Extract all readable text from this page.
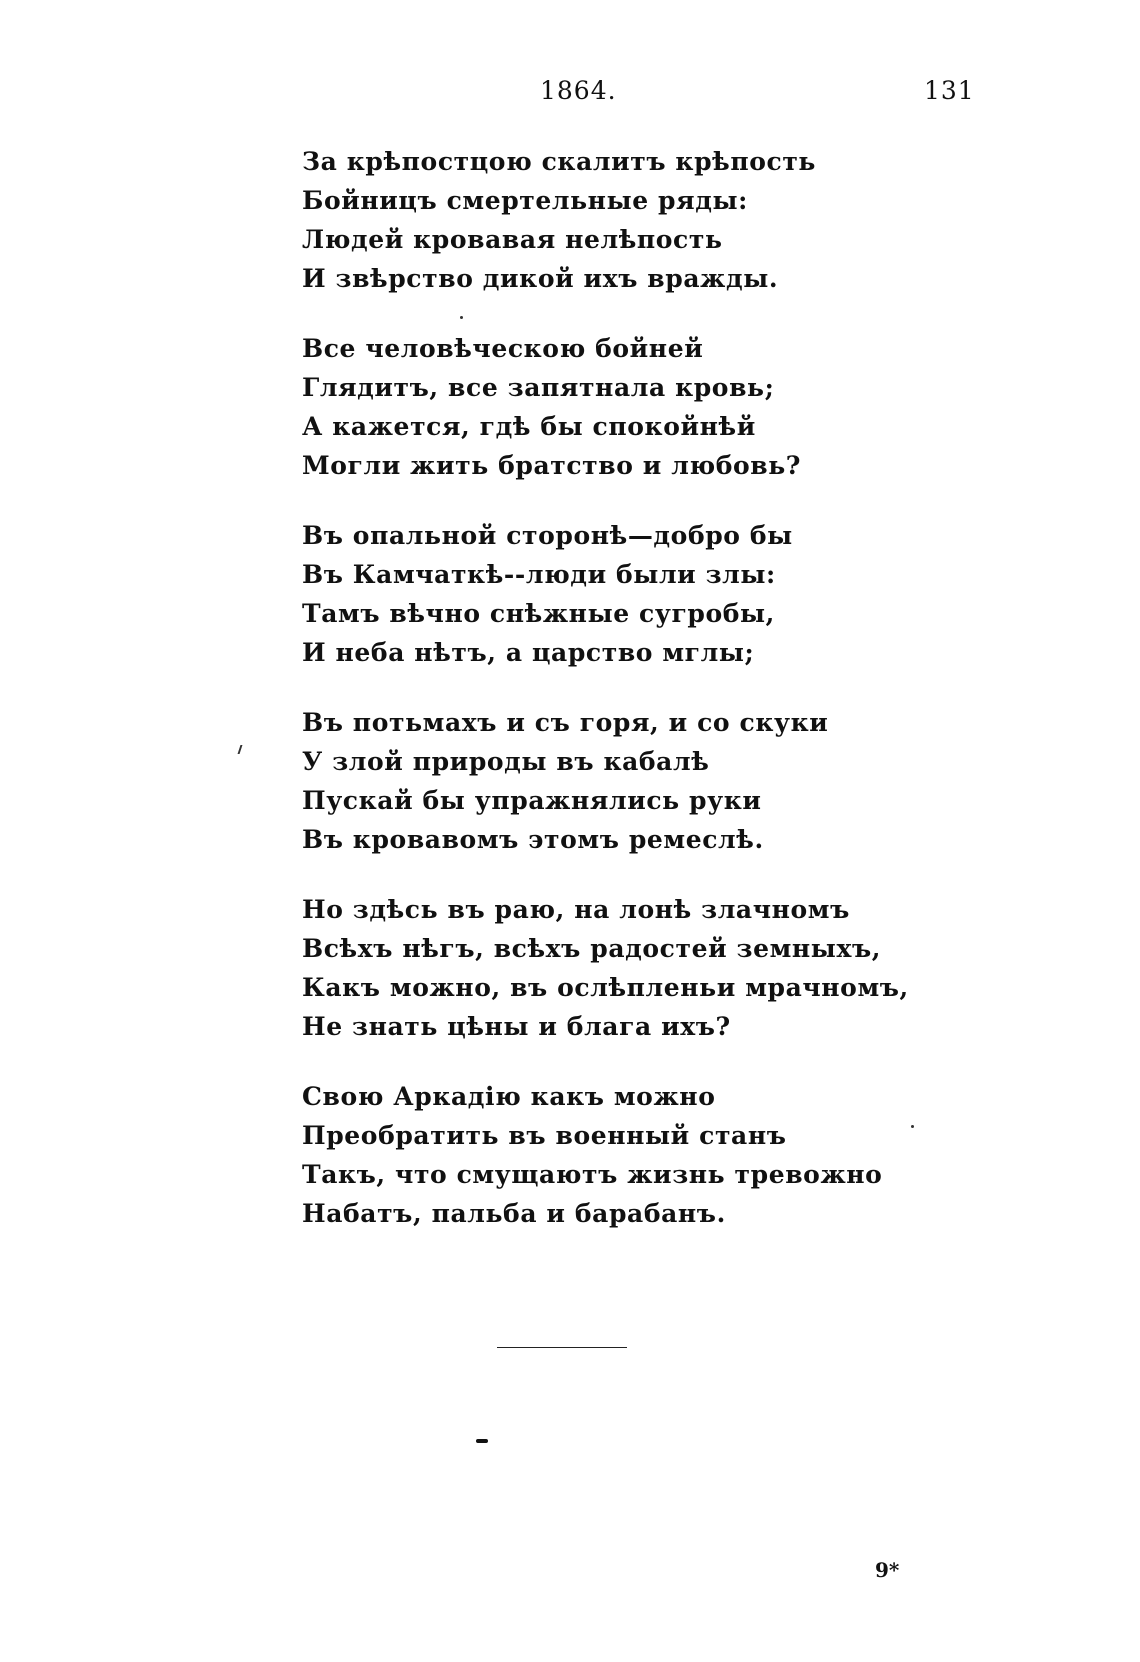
1864.	131
За крѣпостцою скалитъ крѣпость
Бойницъ смертельные ряды:
Людей кровавая нелѣпость
И звѣрство дикой ихъ вражды.
Все человѣческою бойней
Глядитъ, все запятнала кровь;
А кажется, гдѣ бы спокойнѣй
Могли жить братство и любовь?
Въ опальной сторонѣ—добро бы
Въ Камчаткѣ--люди были злы:
Тамъ вѣчно снѣжные сугробы,
И неба нѣтъ, а царство мглы;
Въ потьмахъ и съ горя, и со скуки
У злой природы въ кабалѣ
Пускай бы упражнялись руки
Въ кровавомъ этомъ ремеслѣ.
Но здѣсь въ раю, на лонѣ злачномъ
Всѣхъ нѣгъ, всѣхъ радостей земныхъ,
Какъ можно, въ ослѣпленьи мрачномъ,
Не знать цѣны и блага ихъ?
Свою Аркадію какъ можно
Преобратить въ военный станъ
Такъ, что смущаютъ жизнь тревожно
Набатъ, пальба и барабанъ.
9*
